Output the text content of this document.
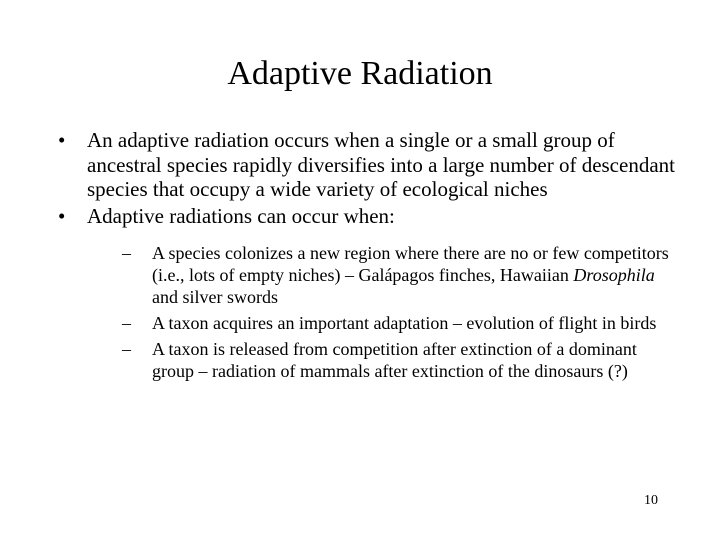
Adaptive Radiation
•	An adaptive radiation occurs when a single or a small group of ancestral species rapidly diversifies into a large number of descendant species that occupy a wide variety of ecological niches
•	Adaptive radiations can occur when:
–	A species colonizes a new region where there are no or few competitors (i.e., lots of empty niches) – Galápagos finches, Hawaiian Drosophila and silver swords
–	A taxon acquires an important adaptation – evolution of flight in birds
–	A taxon is released from competition after extinction of a dominant group – radiation of mammals after extinction of the dinosaurs (?)
10
